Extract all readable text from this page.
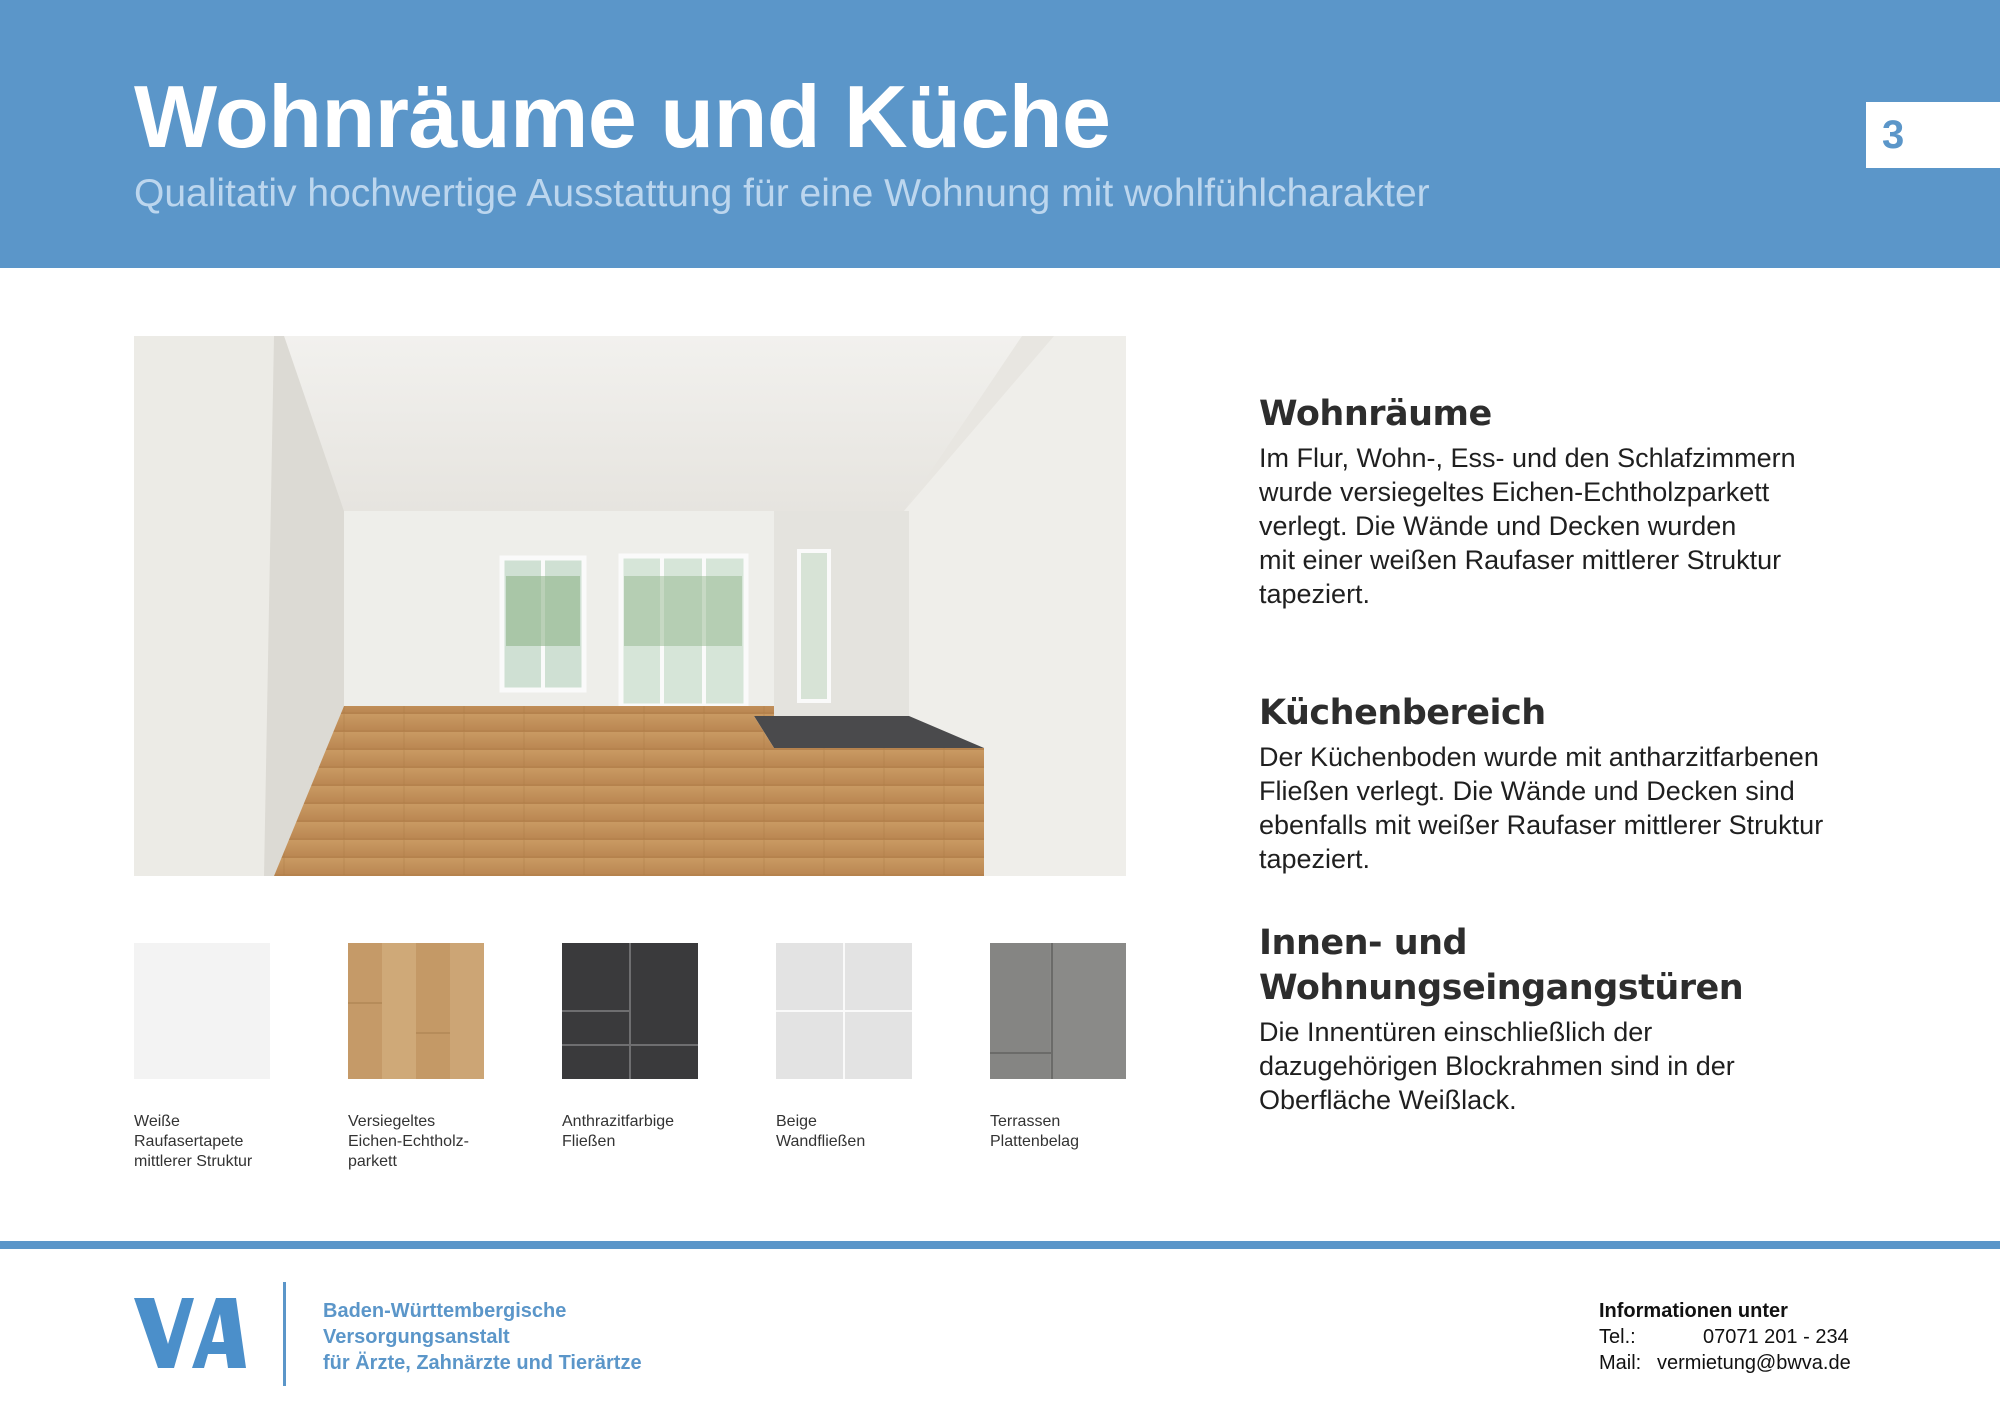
Wohnräume und Küche
Qualitativ hochwertige Ausstattung für eine Wohnung mit wohlfühlcharakter
3
Weiße
Raufasertapete
mittlerer Struktur
Versiegeltes
Eichen-Echtholz-
parkett
Anthrazitfarbige
Fließen
Beige
Wandfließen
Terrassen
Plattenbelag
Wohnräume

Im Flur, Wohn-, Ess- und den Schlafzimmern
wurde versiegeltes Eichen-Echtholzparkett
verlegt. Die Wände und Decken wurden
mit einer weißen Raufaser mittlerer Struktur
tapeziert.

Küchenbereich

Der Küchenboden wurde mit antharzitfarbenen
Fließen verlegt. Die Wände und Decken sind
ebenfalls mit weißer Raufaser mittlerer Struktur
tapeziert.

Innen- und
Wohnungseingangstüren

Die Innentüren einschließlich der
dazugehörigen Blockrahmen sind in der
Oberfläche Weißlack.

Baden-Württembergische
Versorgungsanstalt
für Ärzte, Zahnärzte und Tierärtze
Informationen unter
Tel.:	07071 201 - 234
Mail: vermietung@bwva.de
